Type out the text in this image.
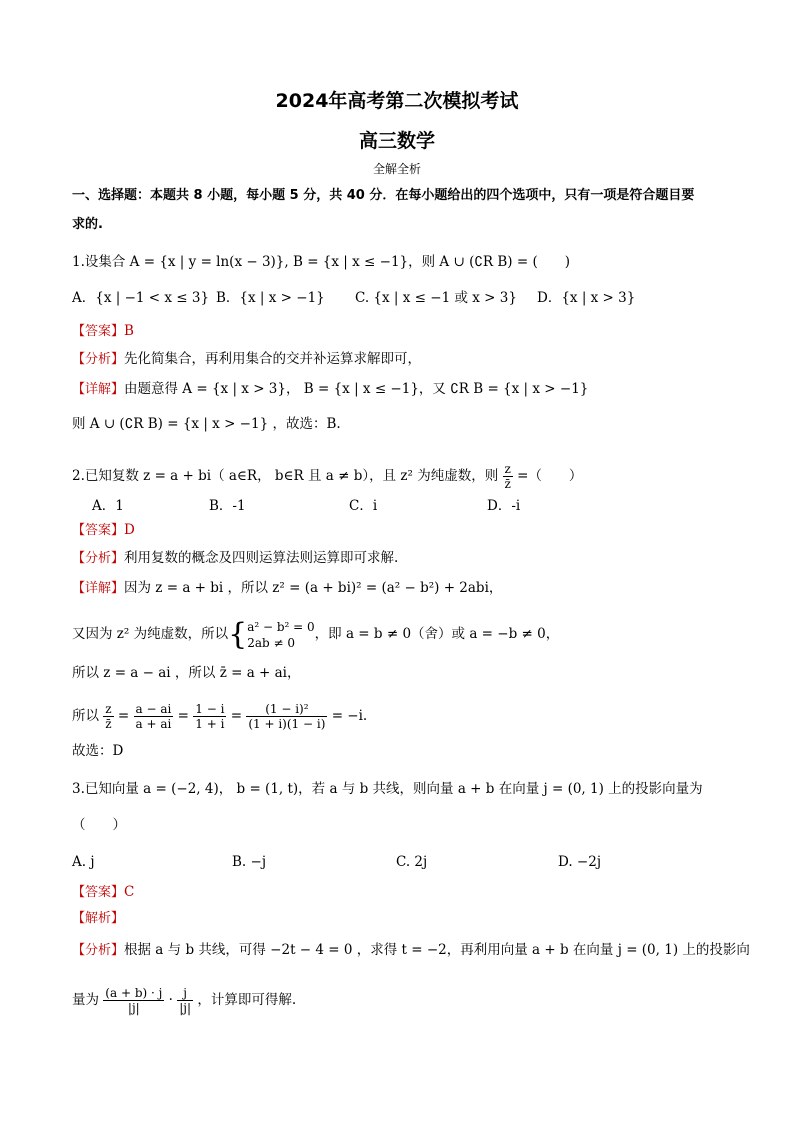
2024年高考第二次模拟考试
高三数学
全解全析
一、选择题：本题共 8 小题，每小题 5 分，共 40 分．在每小题给出的四个选项中，只有一项是符合题目要
求的.
1.设集合 A = {x | y = ln(x − 3)}, B = {x | x ≤ −1}，则 A ∪ (∁R B) = (　　)
A．{x | −1 < x ≤ 3} B．{x | x > −1} C. {x | x ≤ −1 或 x > 3} D．{x | x > 3}
【答案】B
【分析】先化简集合，再利用集合的交并补运算求解即可，
【详解】由题意得 A = {x | x > 3}， B = {x | x ≤ −1}，又 ∁R B = {x | x > −1}
则 A ∪ (∁R B) = {x | x > −1} ，故选：B.
2.已知复数 z = a + bi（ a∈R， b∈R 且 a ≠ b），且 z² 为纯虚数，则 $\frac{z}{z̄}$ =（　　）
A．1	B．-1	C．i	D．-i
【答案】D
【分析】利用复数的概念及四则运算法则运算即可求解.
【详解】因为 z = a + bi ，所以 z² = (a + bi)² = (a² − b²) + 2abi，
又因为 z² 为纯虚数，所以{ a² − b² = 0
2ab ≠ 0
，即 a = b ≠ 0（舍）或 a = −b ≠ 0，
所以 z = a − ai ，所以 z̄ = a + ai，
所以 $\frac{z}{z̄} = \frac{a - ai}{a + ai} = \frac{1 - i}{1 + i} = \frac{\text{(1 − i)²}}{(1 + i)(1 - i)} = -i$.
故选：D
3.已知向量 a = (−2, 4)， b = (1, t)，若 a 与 b 共线，则向量 a + b 在向量 j = (0, 1) 上的投影向量为
（　　）
A. j	B. −j	C. 2j	D. −2j
【答案】C
【解析】
【分析】根据 a 与 b 共线，可得 −2t − 4 = 0 ，求得 t = −2，再利用向量 a + b 在向量 j = (0, 1) 上的投影向
量为 $\frac{(a + b) \cdot j}{|j|} \cdot \frac{j}{|j|}$ ，计算即可得解.
